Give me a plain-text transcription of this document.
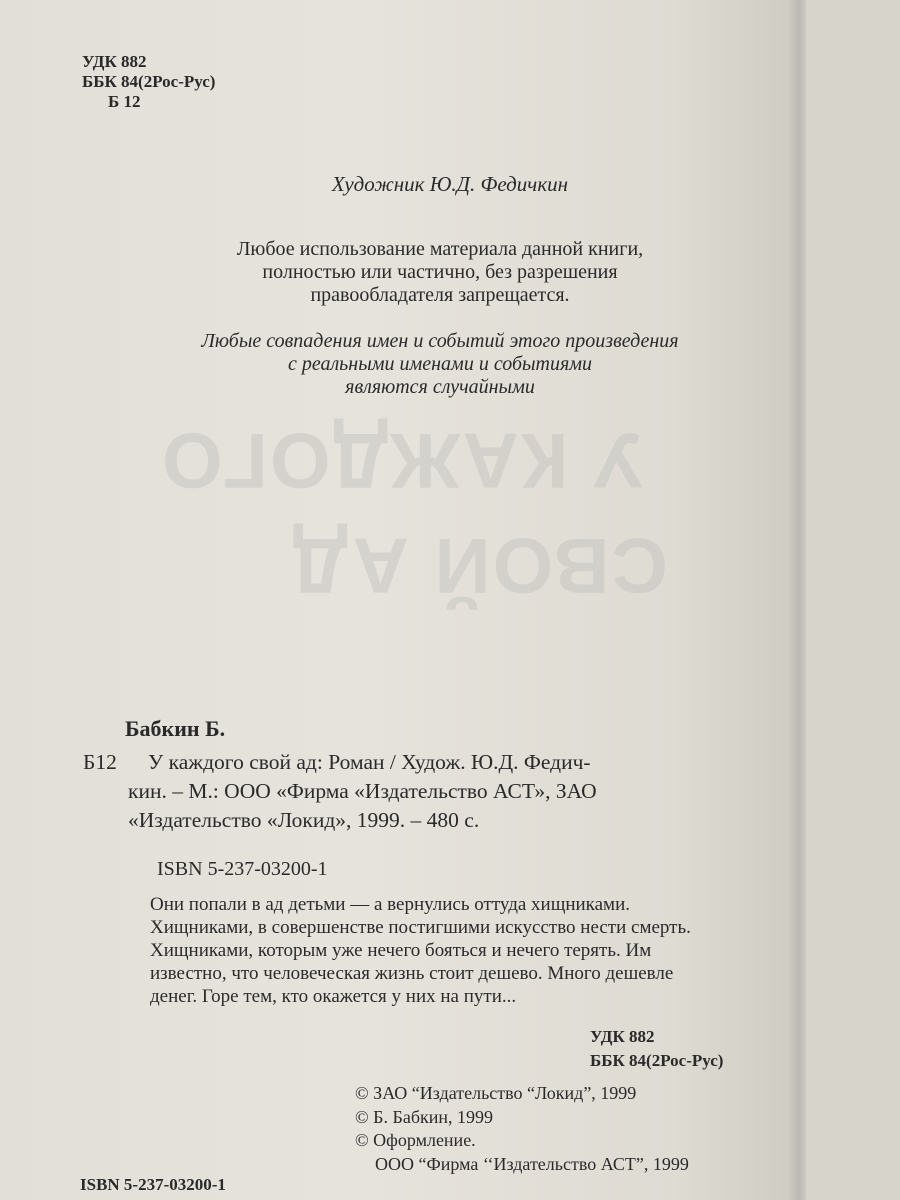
У КАЖДОГО
СВОЙ АД
УДК 882
ББК 84(2Рос-Рус)
Б 12
Художник Ю.Д. Федичкин
Любое использование материала данной книги,
полностью или частично, без разрешения
правообладателя запрещается.
Любые совпадения имен и событий этого произведения
с реальными именами и событиями
являются случайными
Бабкин Б.
Б12	У каждого свой ад: Роман / Худож. Ю.Д. Федич-
кин. – М.: ООО «Фирма «Издательство АСТ», ЗАО
«Издательство «Локид», 1999. – 480 с.
ISBN 5-237-03200-1
Они попали в ад детьми — а вернулись оттуда хищниками.
Хищниками, в совершенстве постигшими искусство нести смерть.
Хищниками, которым уже нечего бояться и нечего терять. Им
известно, что человеческая жизнь стоит дешево. Много дешевле
денег. Горе тем, кто окажется у них на пути...
УДК 882
ББК 84(2Рос-Рус)
© ЗАО “Издательство “Локид”, 1999
© Б. Бабкин, 1999
© Оформление.
ООО “Фирма ‘‘Издательство АСТ”, 1999
ISBN 5-237-03200-1
